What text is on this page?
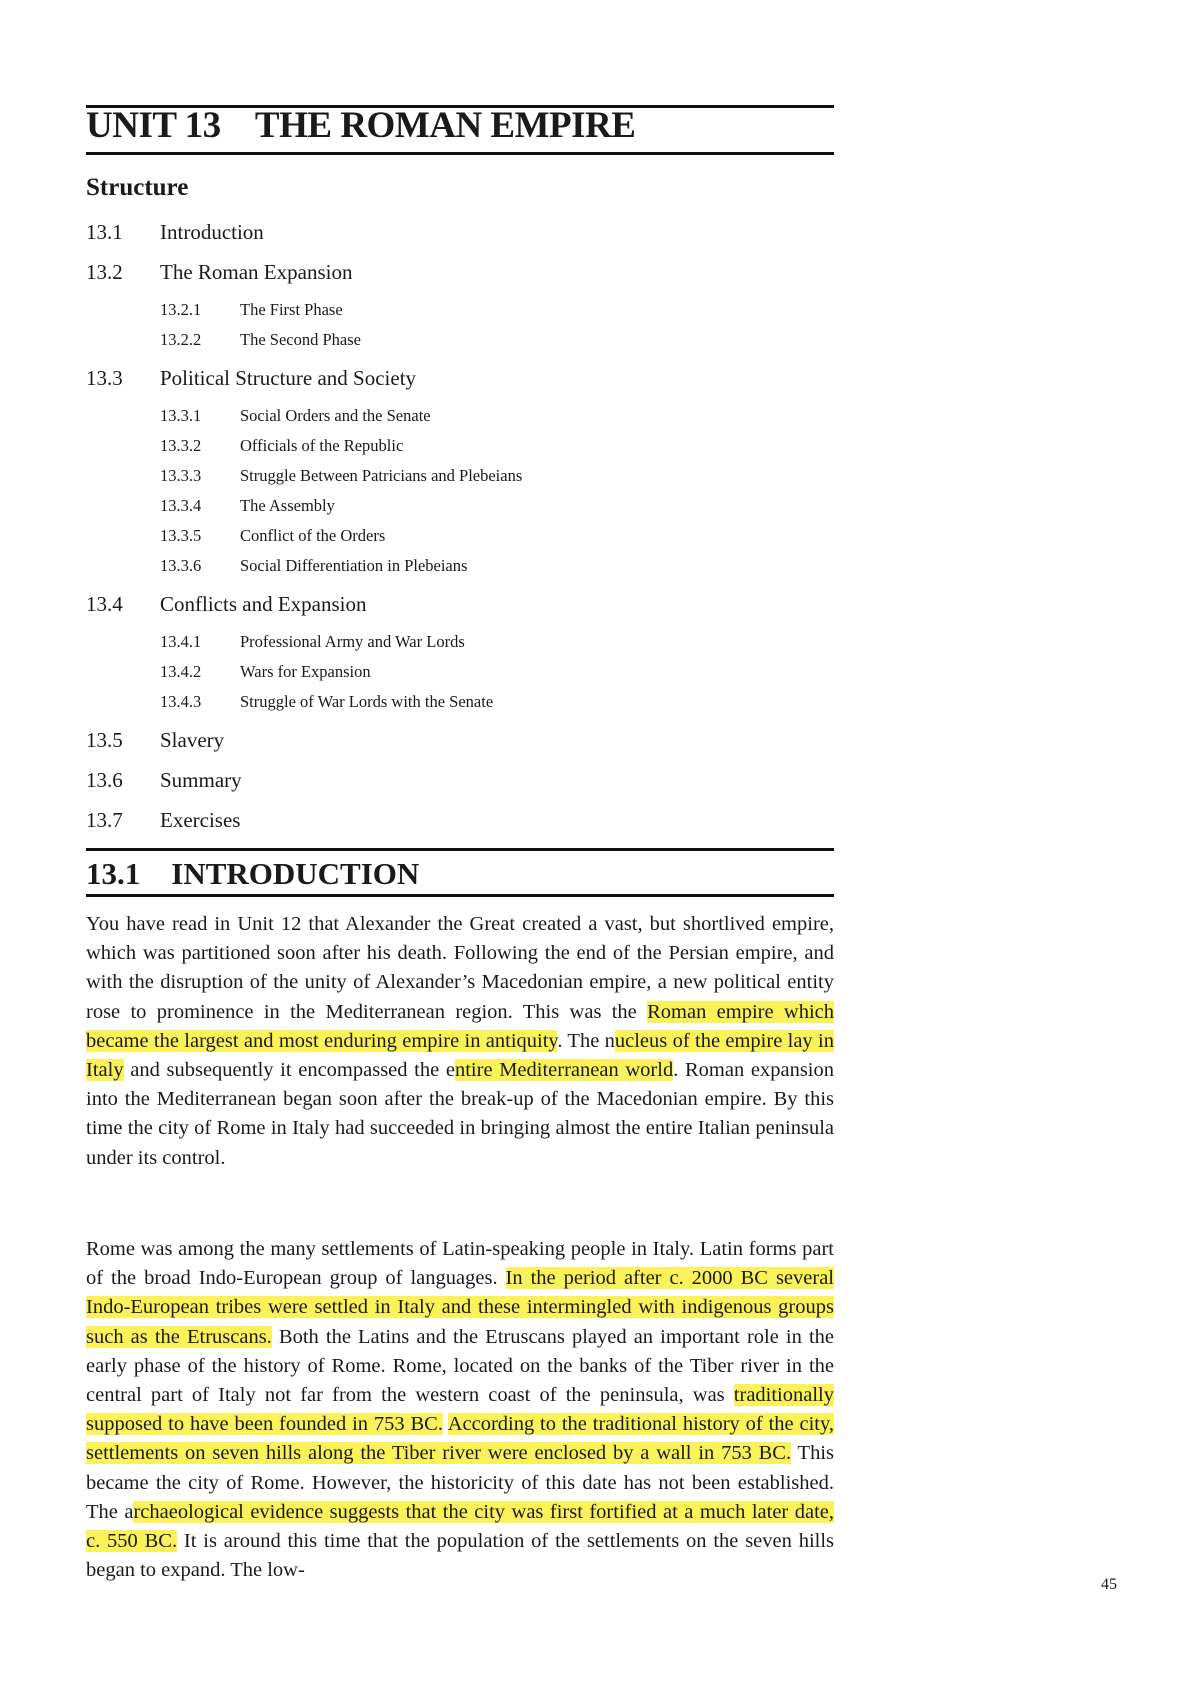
UNIT 13    THE ROMAN EMPIRE
Structure
13.1	Introduction
13.2	The Roman Expansion
13.2.1	The First Phase
13.2.2	The Second Phase
13.3	Political Structure and Society
13.3.1	Social Orders and the Senate
13.3.2	Officials of the Republic
13.3.3	Struggle Between Patricians and Plebeians
13.3.4	The Assembly
13.3.5	Conflict of the Orders
13.3.6	Social Differentiation in Plebeians
13.4	Conflicts and Expansion
13.4.1	Professional Army and War Lords
13.4.2	Wars for Expansion
13.4.3	Struggle of War Lords with the Senate
13.5	Slavery
13.6	Summary
13.7	Exercises
13.1    INTRODUCTION

You have read in Unit 12 that Alexander the Great created a vast, but shortlived empire, which was partitioned soon after his death. Following the end of the Persian empire, and with the disruption of the unity of Alexander’s Macedonian empire, a new political entity rose to prominence in the Mediterranean region. This was the Roman empire which became the largest and most enduring empire in antiquity. The nucleus of the empire lay in Italy and subsequently it encompassed the entire Mediterranean world. Roman expansion into the Mediterranean began soon after the break-up of the Macedonian empire. By this time the city of Rome in Italy had succeeded in bringing almost the entire Italian peninsula under its control.

Rome was among the many settlements of Latin-speaking people in Italy. Latin forms part of the broad Indo-European group of languages. In the period after c. 2000 BC several Indo-European tribes were settled in Italy and these intermingled with indigenous groups such as the Etruscans. Both the Latins and the Etruscans played an important role in the early phase of the history of Rome. Rome, located on the banks of the Tiber river in the central part of Italy not far from the western coast of the peninsula, was traditionally supposed to have been founded in 753 BC. According to the traditional history of the city, settlements on seven hills along the Tiber river were enclosed by a wall in 753 BC. This became the city of Rome. However, the historicity of this date has not been established. The archaeological evidence suggests that the city was first fortified at a much later date, c. 550 BC. It is around this time that the population of the settlements on the seven hills began to expand. The low-

45
